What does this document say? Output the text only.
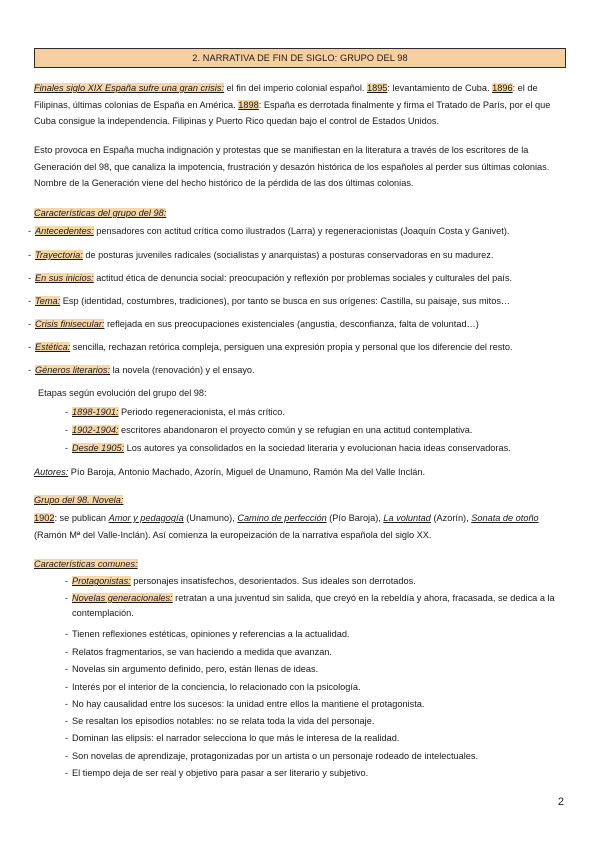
2. NARRATIVA DE FIN DE SIGLO: GRUPO DEL 98
Finales siglo XIX España sufre una gran crisis: el fin del imperio colonial español. 1895: levantamiento de Cuba. 1896: el de Filipinas, últimas colonias de España en América. 1898: España es derrotada finalmente y firma el Tratado de París, por el que Cuba consigue la independencia. Filipinas y Puerto Rico quedan bajo el control de Estados Unidos.
Esto provoca en España mucha indignación y protestas que se manifiestan en la literatura a través de los escritores de la Generación del 98, que canaliza la impotencia, frustración y desazón histórica de los españoles al perder sus últimas colonias. Nombre de la Generación viene del hecho histórico de la pérdida de las dos últimas colonias.
Características del grupo del 98:
- Antecedentes: pensadores con actitud crítica como ilustrados (Larra) y regeneracionistas (Joaquín Costa y Ganivet).
- Trayectoria: de posturas juveniles radicales (socialistas y anarquistas) a posturas conservadoras en su madurez.
- En sus inicios: actitud ética de denuncia social: preocupación y reflexión por problemas sociales y culturales del país.
- Tema: Esp (identidad, costumbres, tradiciones), por tanto se busca en sus orígenes: Castilla, su paisaje, sus mitos…
- Crisis finisecular: reflejada en sus preocupaciones existenciales (angustia, desconfianza, falta de voluntad…)
- Estética: sencilla, rechazan retórica compleja, persiguen una expresión propia y personal que los diferencie del resto.
- Géneros literarios: la novela (renovación) y el ensayo.
Etapas según evolución del grupo del 98:
- 1898-1901: Periodo regeneracionista, el más crítico.
- 1902-1904: escritores abandonaron el proyecto común y se refugian en una actitud contemplativa.
- Desde 1905: Los autores ya consolidados en la sociedad literaria y evolucionan hacia ideas conservadoras.
Autores: Pío Baroja, Antonio Machado, Azorín, Miguel de Unamuno, Ramón Ma del Valle Inclán.
Grupo del 98. Novela:
1902: se publican Amor y pedagogía (Unamuno), Camino de perfección (Pío Baroja), La voluntad (Azorín), Sonata de otoño (Ramón Mª del Valle-Inclán). Así comienza la europeización de la narrativa española del siglo XX.
Características comunes:
- Protagonistas: personajes insatisfechos, desorientados. Sus ideales son derrotados.
- Novelas generacionales: retratan a una juventud sin salida, que creyó en la rebeldía y ahora, fracasada, se dedica a la contemplación.
- Tienen reflexiones estéticas, opiniones y referencias a la actualidad.
- Relatos fragmentarios, se van haciendo a medida que avanzan.
- Novelas sin argumento definido, pero, están llenas de ideas.
- Interés por el interior de la conciencia, lo relacionado con la psicología.
- No hay causalidad entre los sucesos: la unidad entre ellos la mantiene el protagonista.
- Se resaltan los episodios notables: no se relata toda la vida del personaje.
- Dominan las elipsis: el narrador selecciona lo que más le interesa de la realidad.
- Son novelas de aprendizaje, protagonizadas por un artista o un personaje rodeado de intelectuales.
- El tiempo deja de ser real y objetivo para pasar a ser literario y subjetivo.
2
